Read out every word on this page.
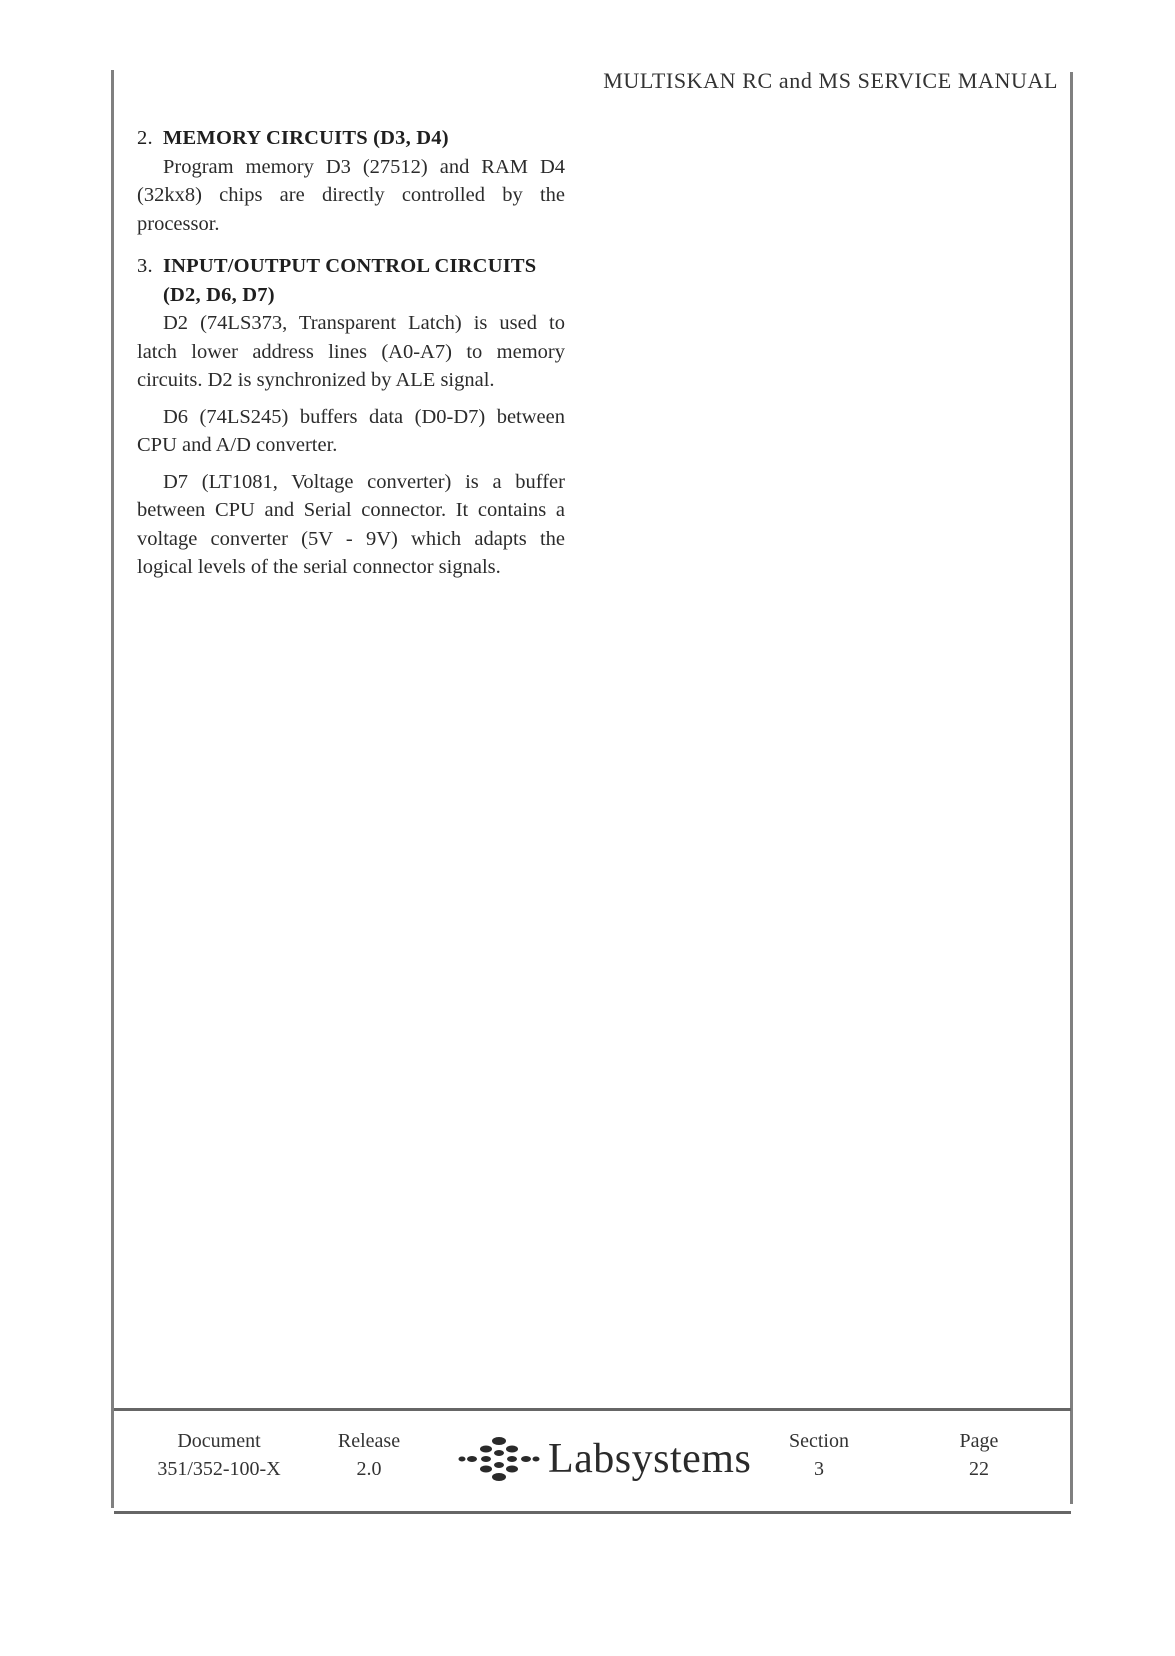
MULTISKAN RC and MS SERVICE MANUAL
2. MEMORY CIRCUITS (D3, D4)

Program memory D3 (27512) and RAM D4 (32kx8) chips are directly controlled by the processor.

3. INPUT/OUTPUT CONTROL CIRCUITS
(D2, D6, D7)

D2 (74LS373, Transparent Latch) is used to latch lower address lines (A0-A7) to memory circuits. D2 is synchronized by ALE signal.

D6 (74LS245) buffers data (D0-D7) between CPU and A/D converter.

D7 (LT1081, Voltage converter) is a buffer between CPU and Serial connector. It contains a voltage converter (5V - 9V) which adapts the logical levels of the serial connector signals.

Document
351/352-100-X
Release
2.0	Labsystems	Section
3
Page
22
